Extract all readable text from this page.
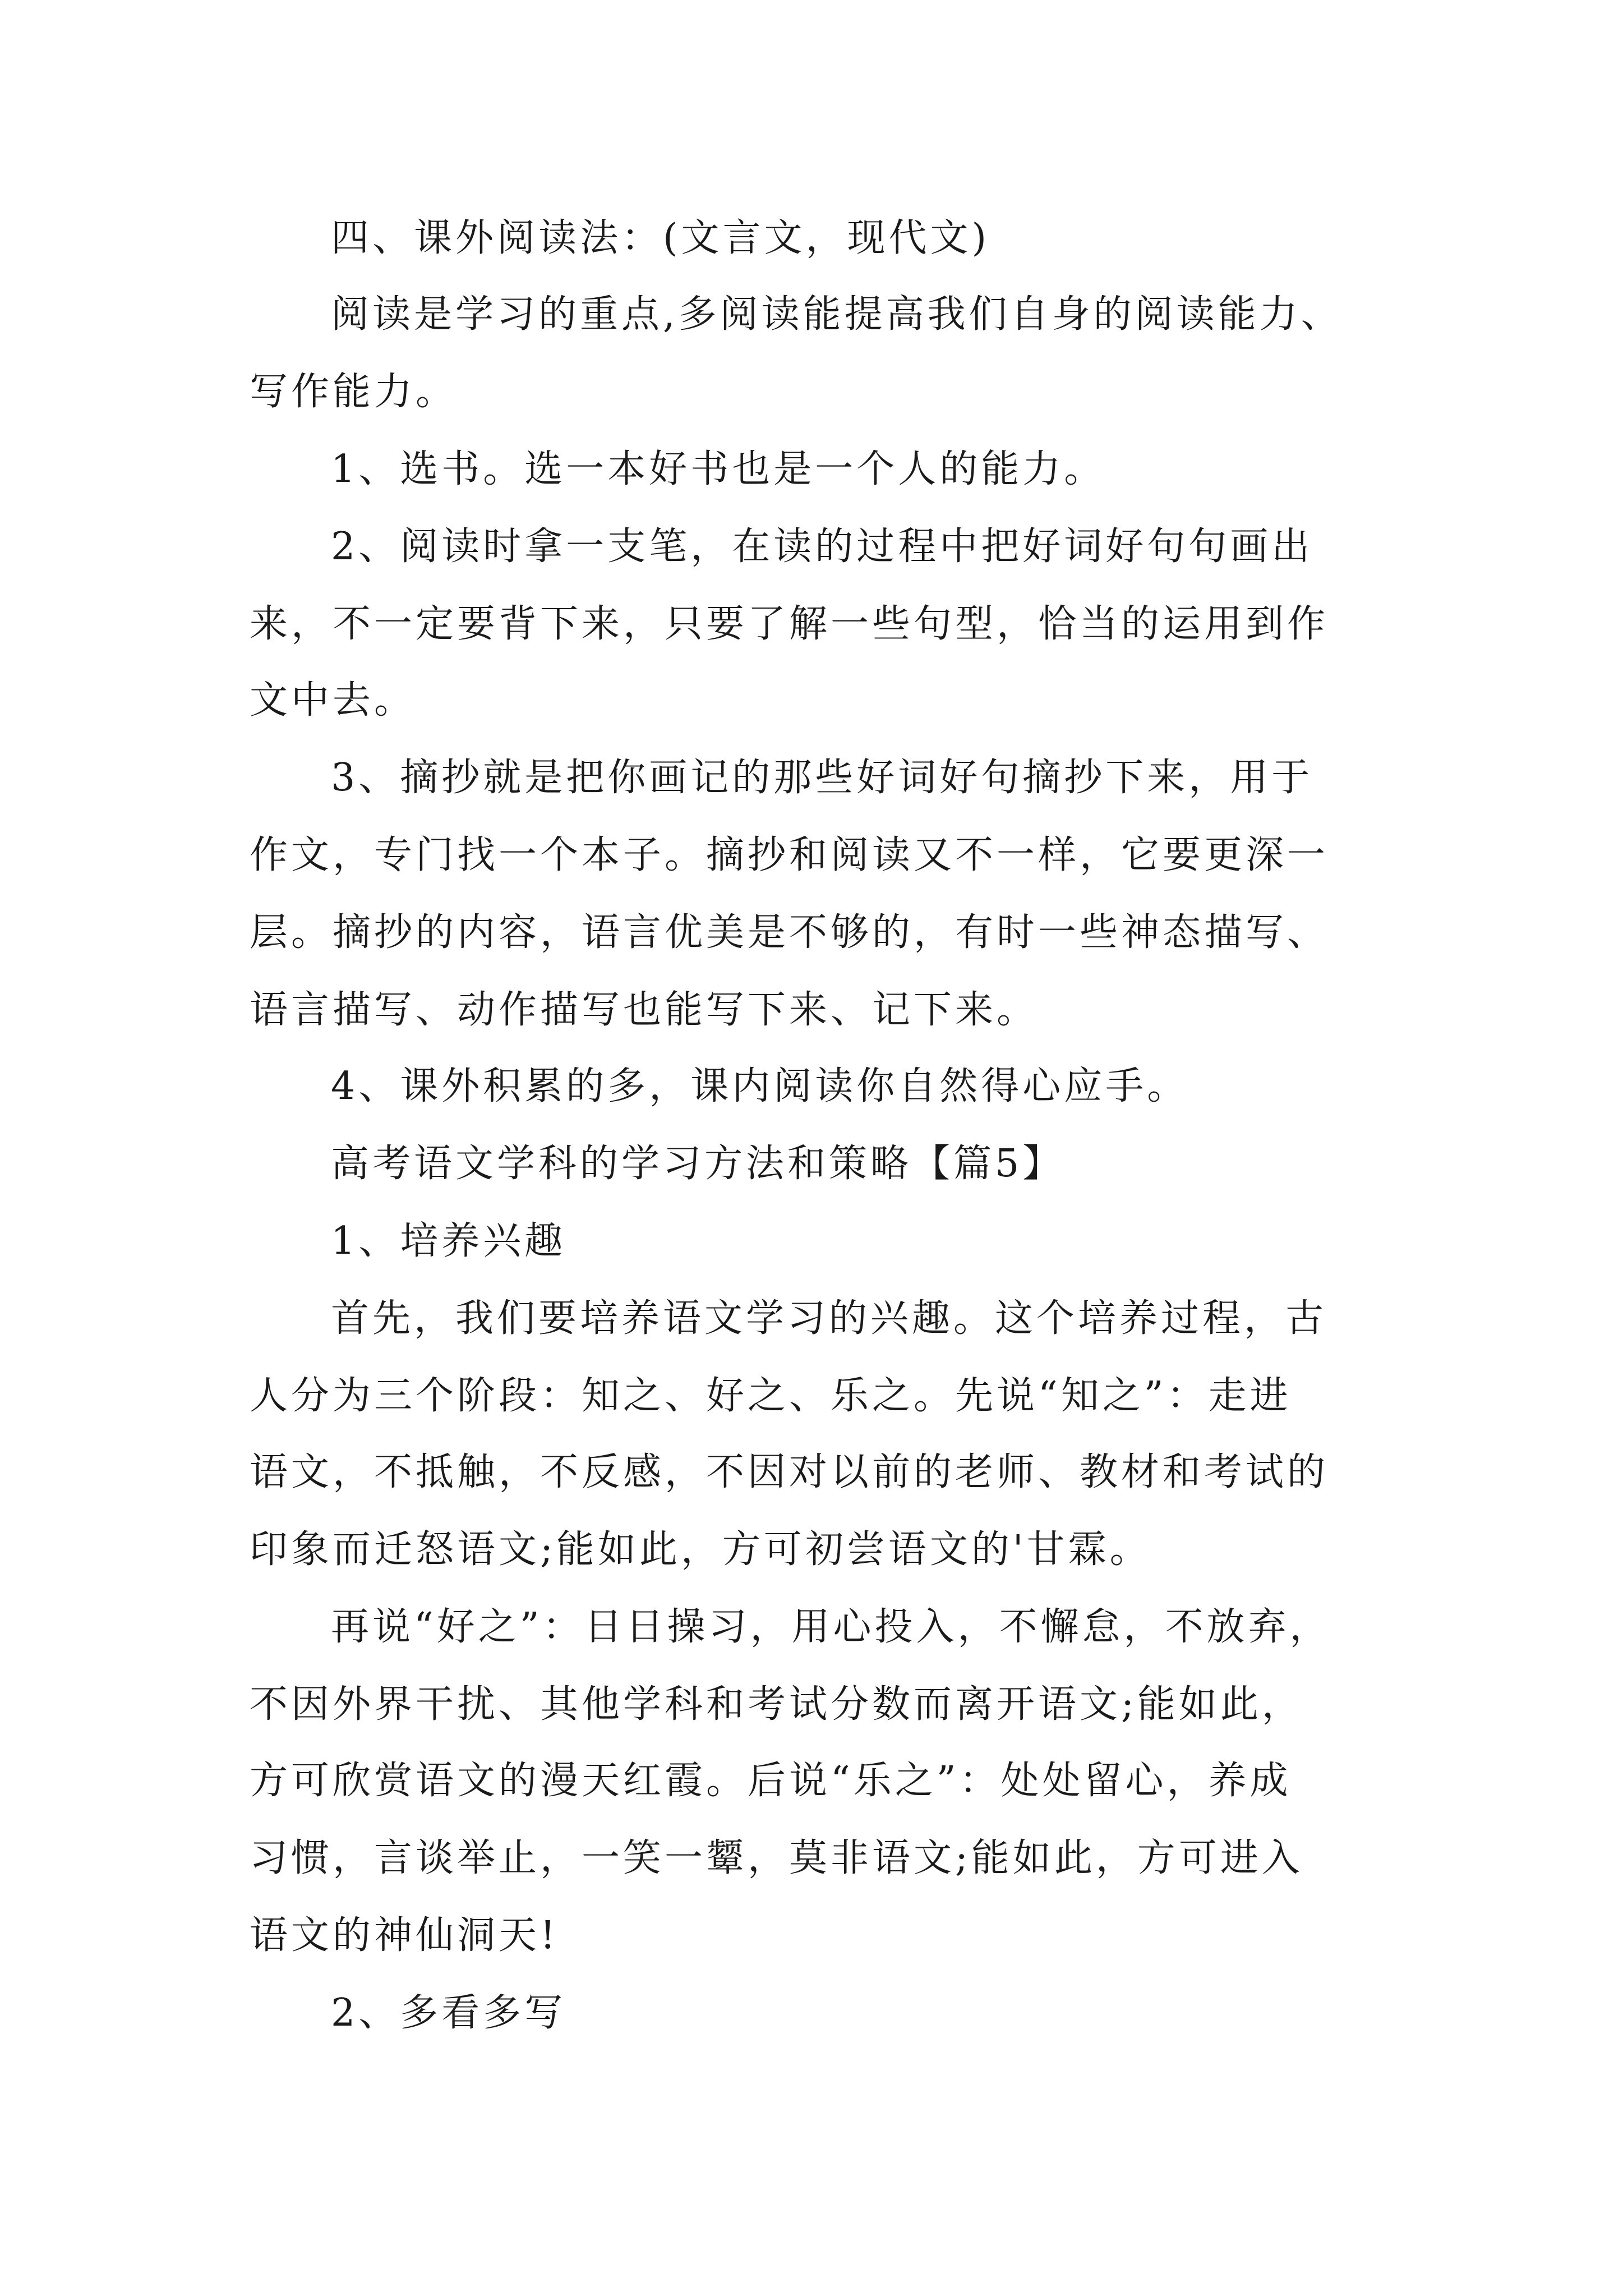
四、课外阅读法：(文言文，现代文)
阅读是学习的重点,多阅读能提高我们自身的阅读能力、
写作能力。
1、选书。选一本好书也是一个人的能力。
2、阅读时拿一支笔，在读的过程中把好词好句句画出
来，不一定要背下来，只要了解一些句型，恰当的运用到作
文中去。
3、摘抄就是把你画记的那些好词好句摘抄下来，用于
作文，专门找一个本子。摘抄和阅读又不一样，它要更深一
层。摘抄的内容，语言优美是不够的，有时一些神态描写、
语言描写、动作描写也能写下来、记下来。
4、课外积累的多，课内阅读你自然得心应手。
高考语文学科的学习方法和策略【篇5】
1、培养兴趣
首先，我们要培养语文学习的兴趣。这个培养过程，古
人分为三个阶段：知之、好之、乐之。先说“知之”：走进
语文，不抵触，不反感，不因对以前的老师、教材和考试的
印象而迁怒语文;能如此，方可初尝语文的'甘霖。
再说“好之”：日日操习，用心投入，不懈怠，不放弃，
不因外界干扰、其他学科和考试分数而离开语文;能如此，
方可欣赏语文的漫天红霞。后说“乐之”：处处留心，养成
习惯，言谈举止，一笑一颦，莫非语文;能如此，方可进入
语文的神仙洞天!
2、多看多写
